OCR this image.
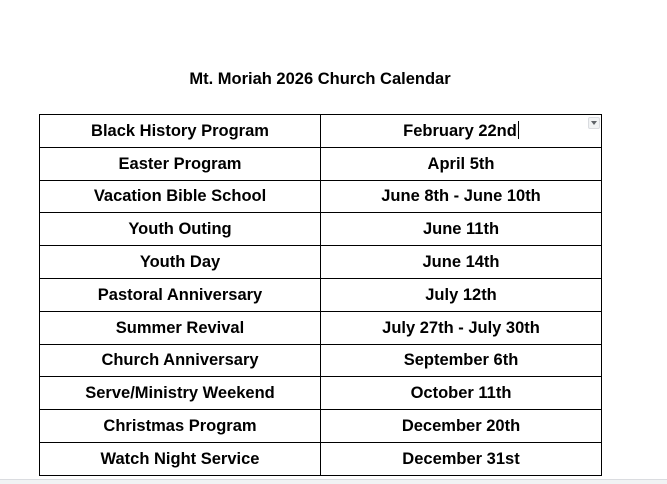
Mt. Moriah 2026 Church Calendar
Black History Program	February 22nd

Easter Program	April 5th
Vacation Bible School	June 8th - June 10th
Youth Outing	June 11th
Youth Day	June 14th
Pastoral Anniversary	July 12th
Summer Revival	July 27th - July 30th
Church Anniversary	September 6th
Serve/Ministry Weekend	October 11th
Christmas Program	December 20th
Watch Night Service	December 31st
